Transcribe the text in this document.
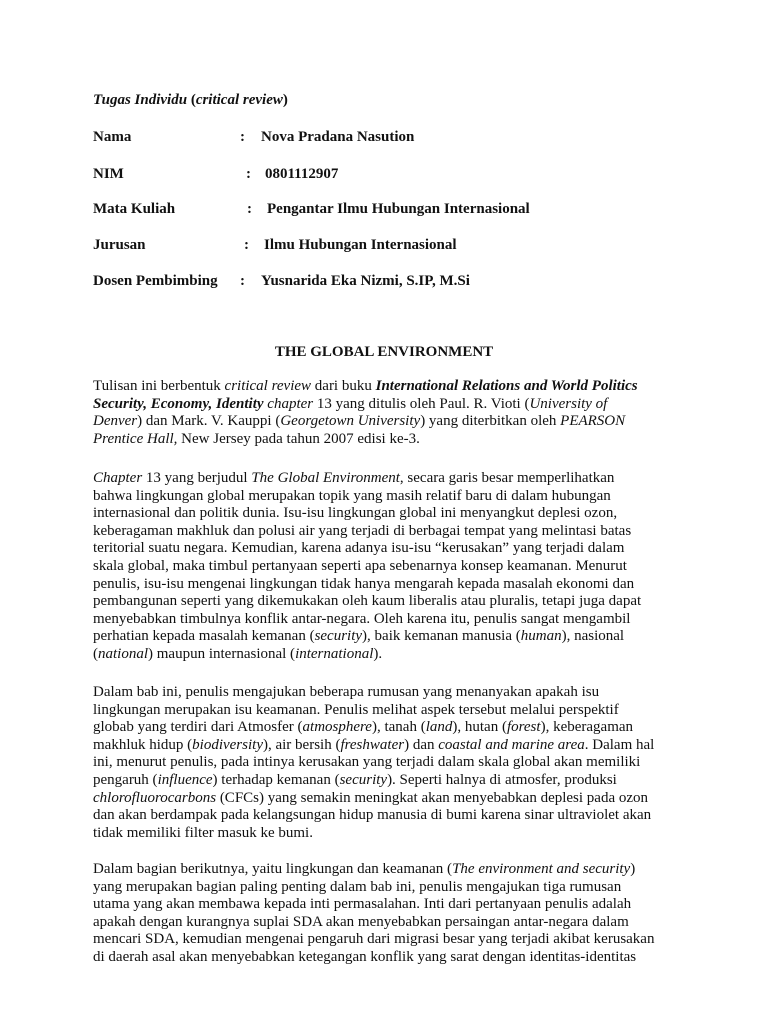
Tugas Individu (critical review)
Nama	: Nova Pradana Nasution
NIM	: 0801112907
Mata Kuliah	: Pengantar Ilmu Hubungan Internasional
Jurusan	: Ilmu Hubungan Internasional
Dosen Pembimbing : Yusnarida Eka Nizmi, S.IP, M.Si
THE GLOBAL ENVIRONMENT
Tulisan ini berbentuk critical review dari buku International Relations and World Politics
Security, Economy, Identity chapter 13 yang ditulis oleh Paul. R. Vioti (University of
Denver) dan Mark. V. Kauppi (Georgetown University) yang diterbitkan oleh PEARSON
Prentice Hall, New Jersey pada tahun 2007 edisi ke-3.
Chapter 13 yang berjudul The Global Environment, secara garis besar memperlihatkan
bahwa lingkungan global merupakan topik yang masih relatif baru di dalam hubungan
internasional dan politik dunia. Isu-isu lingkungan global ini menyangkut deplesi ozon,
keberagaman makhluk dan polusi air yang terjadi di berbagai tempat yang melintasi batas
teritorial suatu negara. Kemudian, karena adanya isu-isu “kerusakan” yang terjadi dalam
skala global, maka timbul pertanyaan seperti apa sebenarnya konsep keamanan. Menurut
penulis, isu-isu mengenai lingkungan tidak hanya mengarah kepada masalah ekonomi dan
pembangunan seperti yang dikemukakan oleh kaum liberalis atau pluralis, tetapi juga dapat
menyebabkan timbulnya konflik antar-negara. Oleh karena itu, penulis sangat mengambil
perhatian kepada masalah kemanan (security), baik kemanan manusia (human), nasional
(national) maupun internasional (international).
Dalam bab ini, penulis mengajukan beberapa rumusan yang menanyakan apakah isu
lingkungan merupakan isu keamanan. Penulis melihat aspek tersebut melalui perspektif
globab yang terdiri dari Atmosfer (atmosphere), tanah (land), hutan (forest), keberagaman
makhluk hidup (biodiversity), air bersih (freshwater) dan coastal and marine area. Dalam hal
ini, menurut penulis, pada intinya kerusakan yang terjadi dalam skala global akan memiliki
pengaruh (influence) terhadap kemanan (security). Seperti halnya di atmosfer, produksi
chlorofluorocarbons (CFCs) yang semakin meningkat akan menyebabkan deplesi pada ozon
dan akan berdampak pada kelangsungan hidup manusia di bumi karena sinar ultraviolet akan
tidak memiliki filter masuk ke bumi.
Dalam bagian berikutnya, yaitu lingkungan dan keamanan (The environment and security)
yang merupakan bagian paling penting dalam bab ini, penulis mengajukan tiga rumusan
utama yang akan membawa kepada inti permasalahan. Inti dari pertanyaan penulis adalah
apakah dengan kurangnya suplai SDA akan menyebabkan persaingan antar-negara dalam
mencari SDA, kemudian mengenai pengaruh dari migrasi besar yang terjadi akibat kerusakan
di daerah asal akan menyebabkan ketegangan konflik yang sarat dengan identitas-identitas
